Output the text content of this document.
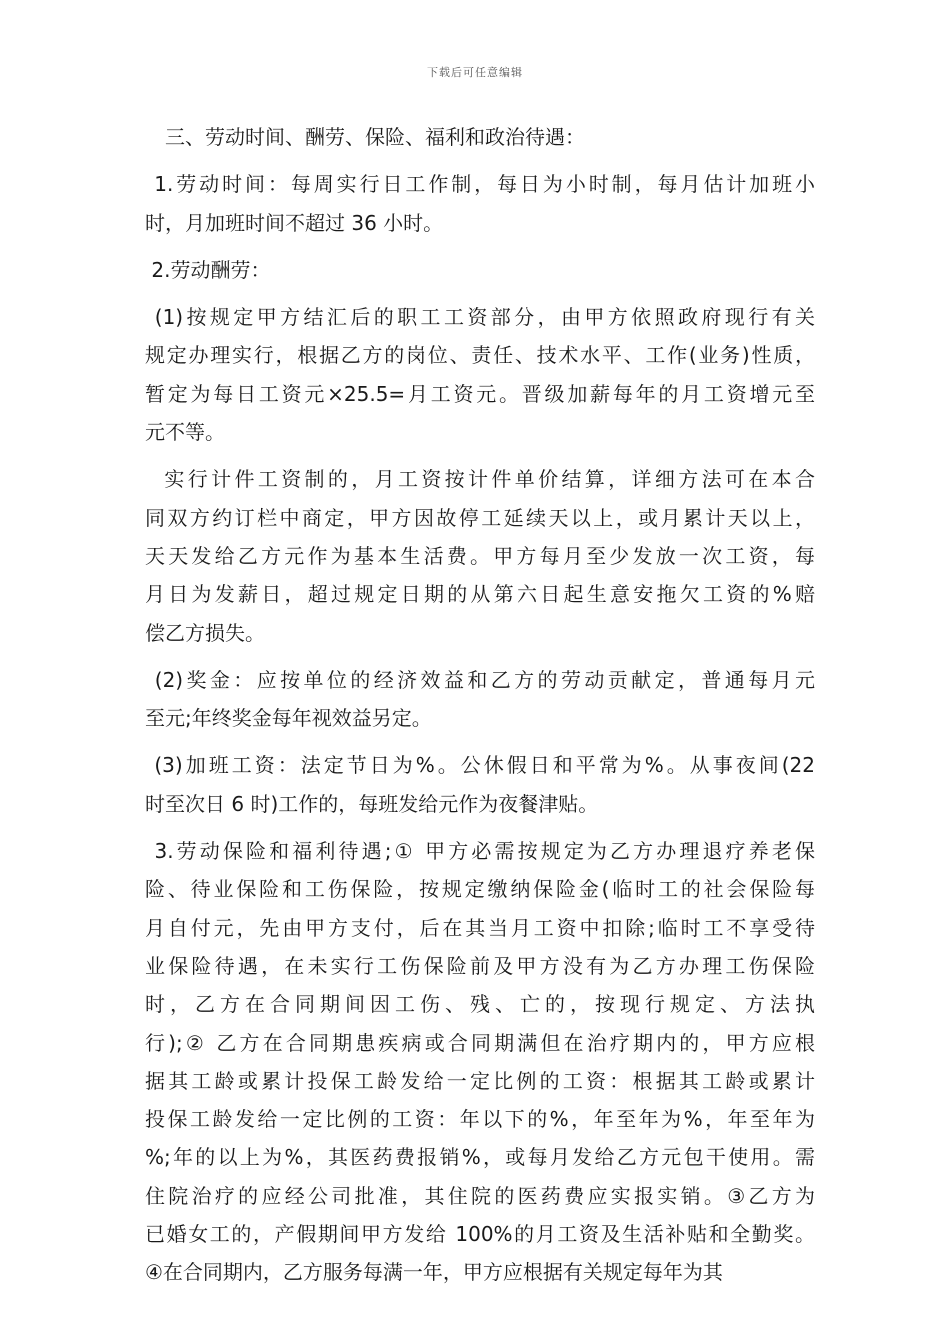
下载后可任意编辑
　三、劳动时间、酬劳、保险、福利和政治待遇：
1.劳动时间：每周实行日工作制，每日为小时制，每月估计加班小
时，月加班时间不超过 36 小时。
2.劳动酬劳：
(1)按规定甲方结汇后的职工工资部分，由甲方依照政府现行有关
规定办理实行，根据乙方的岗位、责任、技术水平、工作(业务)性质，
暂定为每日工资元×25.5=月工资元。晋级加薪每年的月工资增元至
元不等。
实行计件工资制的，月工资按计件单价结算，详细方法可在本合
同双方约订栏中商定，甲方因故停工延续天以上，或月累计天以上，
天天发给乙方元作为基本生活费。甲方每月至少发放一次工资，每
月日为发薪日，超过规定日期的从第六日起生意安拖欠工资的%赔
偿乙方损失。
(2)奖金：应按单位的经济效益和乙方的劳动贡献定，普通每月元
至元;年终奖金每年视效益另定。
(3)加班工资：法定节日为%。公休假日和平常为%。从事夜间(22
时至次日 6 时)工作的，每班发给元作为夜餐津贴。
3.劳动保险和福利待遇;① 甲方必需按规定为乙方办理退疗养老保
险、待业保险和工伤保险，按规定缴纳保险金(临时工的社会保险每
月自付元，先由甲方支付，后在其当月工资中扣除;临时工不享受待
业保险待遇，在未实行工伤保险前及甲方没有为乙方办理工伤保险
时，乙方在合同期间因工伤、残、亡的，按现行规定、方法执
行);② 乙方在合同期患疾病或合同期满但在治疗期内的，甲方应根
据其工龄或累计投保工龄发给一定比例的工资：根据其工龄或累计
投保工龄发给一定比例的工资：年以下的%，年至年为%，年至年为
%;年的以上为%，其医药费报销%，或每月发给乙方元包干使用。需
住院治疗的应经公司批准，其住院的医药费应实报实销。③乙方为
已婚女工的，产假期间甲方发给 100%的月工资及生活补贴和全勤奖。
④在合同期内，乙方服务每满一年，甲方应根据有关规定每年为其
